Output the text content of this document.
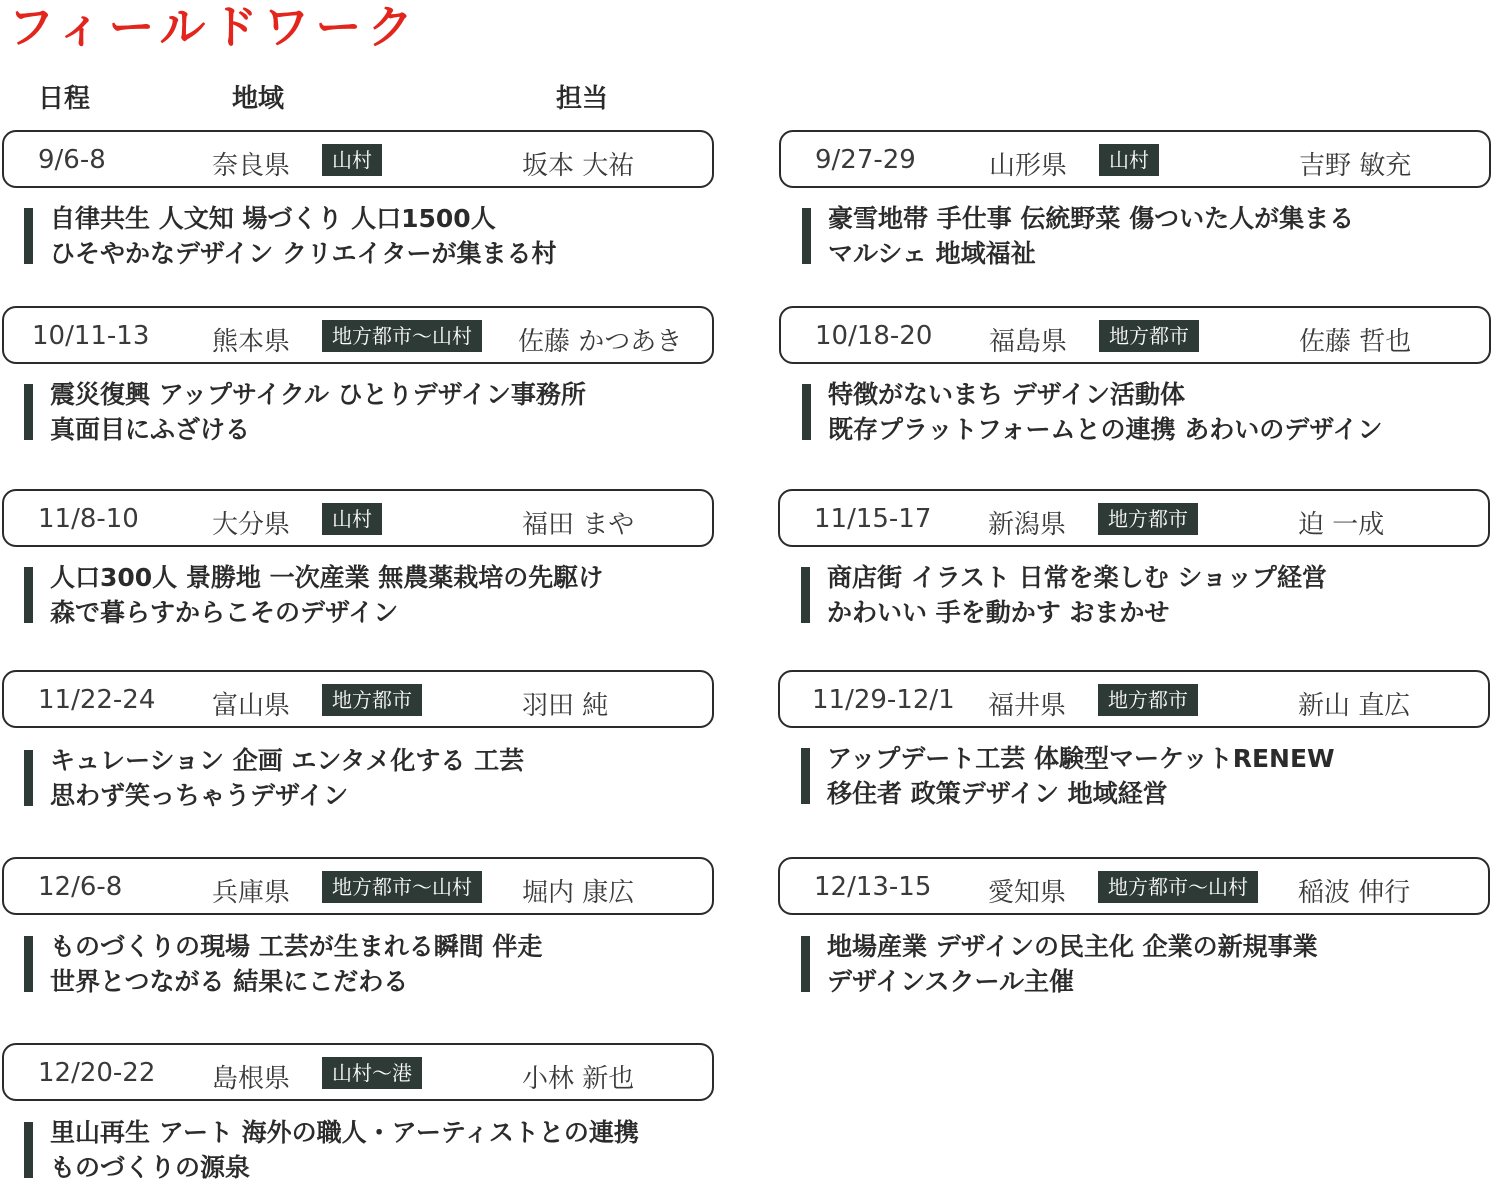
フィールドワーク
日程	地域	担当
9/6-8	奈良県	山村	坂本 大祐
自律共生 人文知 場づくり 人口1500人
ひそやかなデザイン クリエイターが集まる村
9/27-29	山形県	山村	吉野 敏充
豪雪地帯 手仕事 伝統野菜 傷ついた人が集まる
マルシェ 地域福祉
10/11-13 熊本県	地方都市〜山村	佐藤 かつあき
震災復興 アップサイクル ひとりデザイン事務所
真面目にふざける
10/18-20 福島県	地方都市	佐藤 哲也
特徴がないまち デザイン活動体
既存プラットフォームとの連携 あわいのデザイン
11/8-10	大分県	山村	福田 まや
人口300人 景勝地 一次産業 無農薬栽培の先駆け
森で暮らすからこそのデザイン
11/15-17 新潟県	地方都市	迫 一成
商店街 イラスト 日常を楽しむ ショップ経営
かわいい 手を動かす おまかせ
11/22-24 富山県	地方都市	羽田 純
キュレーション 企画 エンタメ化する 工芸
思わず笑っちゃうデザイン
11/29-12/1 福井県	地方都市	新山 直広
アップデート工芸 体験型マーケットRENEW
移住者 政策デザイン 地域経営
12/6-8	兵庫県	地方都市〜山村	堀内 康広
ものづくりの現場 工芸が生まれる瞬間 伴走
世界とつながる 結果にこだわる
12/13-15 愛知県	地方都市〜山村	稲波 伸行
地場産業 デザインの民主化 企業の新規事業
デザインスクール主催
12/20-22 島根県	山村〜港	小林 新也
里山再生 アート 海外の職人・アーティストとの連携
ものづくりの源泉
